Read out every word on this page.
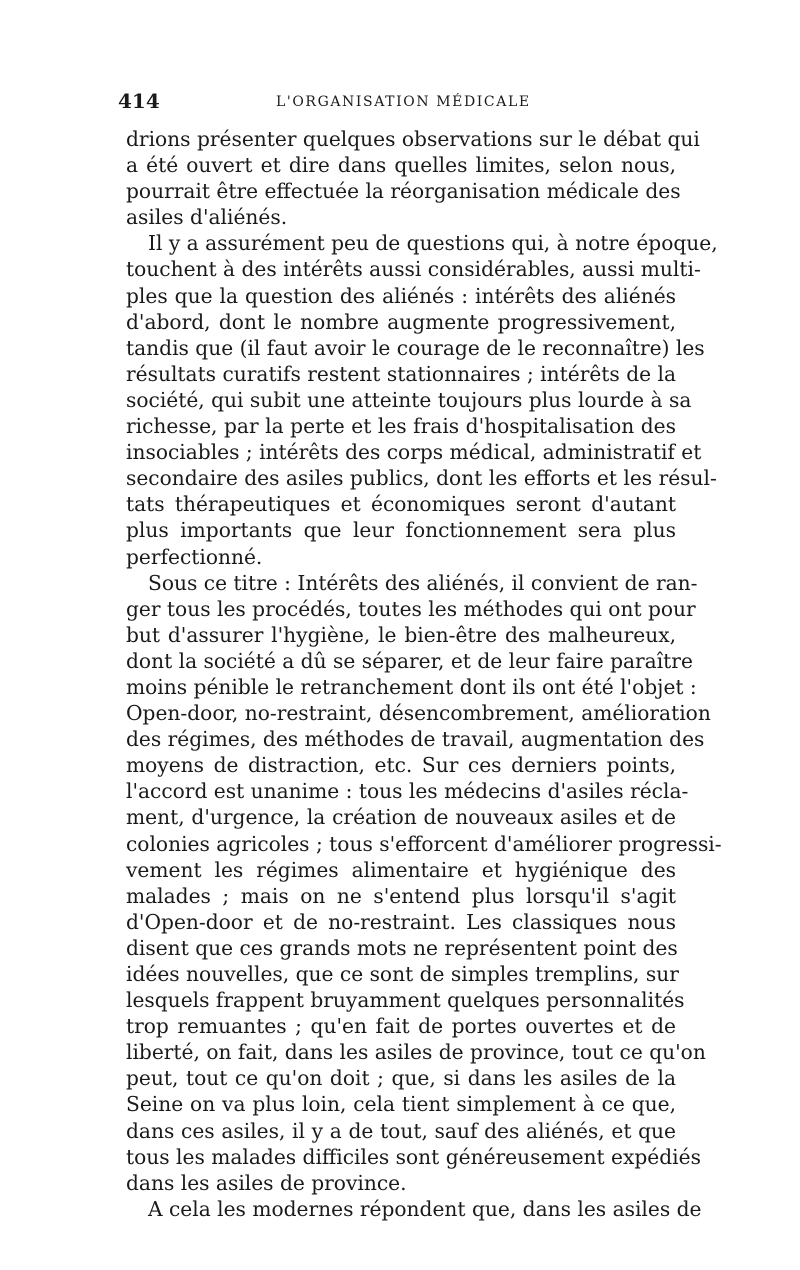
414	L'ORGANISATION MÉDICALE
drions présenter quelques observations sur le débat qui
a été ouvert et dire dans quelles limites, selon nous,
pourrait être effectuée la réorganisation médicale des
asiles d'aliénés.
Il y a assurément peu de questions qui, à notre époque,
touchent à des intérêts aussi considérables, aussi multi-
ples que la question des aliénés : intérêts des aliénés
d'abord, dont le nombre augmente progressivement,
tandis que (il faut avoir le courage de le reconnaître) les
résultats curatifs restent stationnaires ; intérêts de la
société, qui subit une atteinte toujours plus lourde à sa
richesse, par la perte et les frais d'hospitalisation des
insociables ; intérêts des corps médical, administratif et
secondaire des asiles publics, dont les efforts et les résul-
tats thérapeutiques et économiques seront d'autant
plus importants que leur fonctionnement sera plus
perfectionné.
Sous ce titre : Intérêts des aliénés, il convient de ran-
ger tous les procédés, toutes les méthodes qui ont pour
but d'assurer l'hygiène, le bien-être des malheureux,
dont la société a dû se séparer, et de leur faire paraître
moins pénible le retranchement dont ils ont été l'objet :
Open-door, no-restraint, désencombrement, amélioration
des régimes, des méthodes de travail, augmentation des
moyens de distraction, etc. Sur ces derniers points,
l'accord est unanime : tous les médecins d'asiles récla-
ment, d'urgence, la création de nouveaux asiles et de
colonies agricoles ; tous s'efforcent d'améliorer progressi-
vement les régimes alimentaire et hygiénique des
malades ; mais on ne s'entend plus lorsqu'il s'agit
d'Open-door et de no-restraint. Les classiques nous
disent que ces grands mots ne représentent point des
idées nouvelles, que ce sont de simples tremplins, sur
lesquels frappent bruyamment quelques personnalités
trop remuantes ; qu'en fait de portes ouvertes et de
liberté, on fait, dans les asiles de province, tout ce qu'on
peut, tout ce qu'on doit ; que, si dans les asiles de la
Seine on va plus loin, cela tient simplement à ce que,
dans ces asiles, il y a de tout, sauf des aliénés, et que
tous les malades difficiles sont généreusement expédiés
dans les asiles de province.
A cela les modernes répondent que, dans les asiles de
